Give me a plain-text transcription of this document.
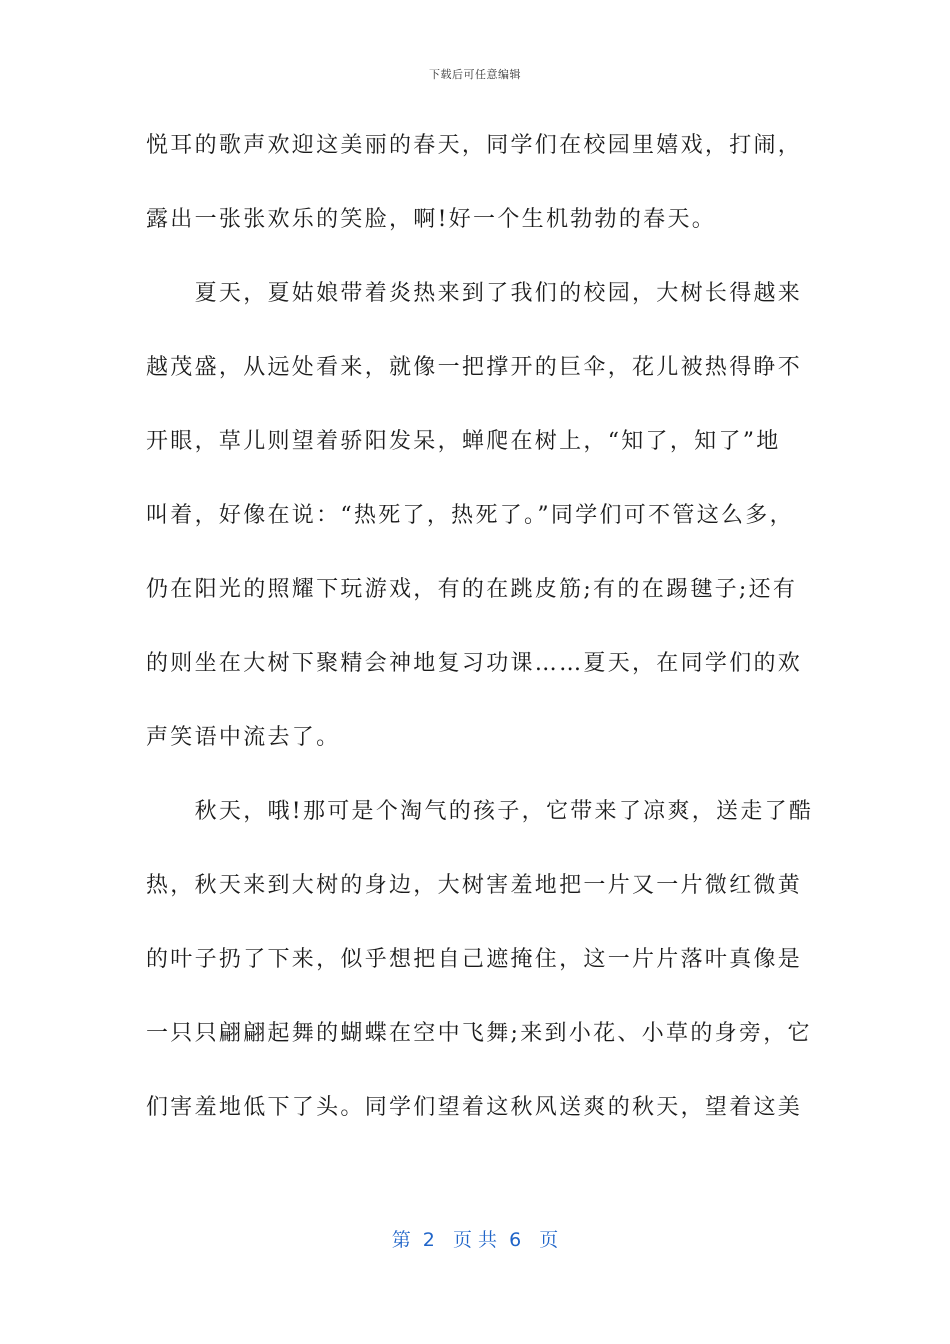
下载后可任意编辑
悦耳的歌声欢迎这美丽的春天，同学们在校园里嬉戏，打闹，
露出一张张欢乐的笑脸，啊!好一个生机勃勃的春天。
　　夏天，夏姑娘带着炎热来到了我们的校园，大树长得越来
越茂盛，从远处看来，就像一把撑开的巨伞，花儿被热得睁不
开眼，草儿则望着骄阳发呆，蝉爬在树上，“知了，知了”地
叫着，好像在说：“热死了，热死了。”同学们可不管这么多，
仍在阳光的照耀下玩游戏，有的在跳皮筋;有的在踢毽子;还有
的则坐在大树下聚精会神地复习功课……夏天，在同学们的欢
声笑语中流去了。
　　秋天，哦!那可是个淘气的孩子，它带来了凉爽，送走了酷
热，秋天来到大树的身边，大树害羞地把一片又一片微红微黄
的叶子扔了下来，似乎想把自己遮掩住，这一片片落叶真像是
一只只翩翩起舞的蝴蝶在空中飞舞;来到小花、小草的身旁，它
们害羞地低下了头。同学们望着这秋风送爽的秋天，望着这美
第  2   页 共  6   页
